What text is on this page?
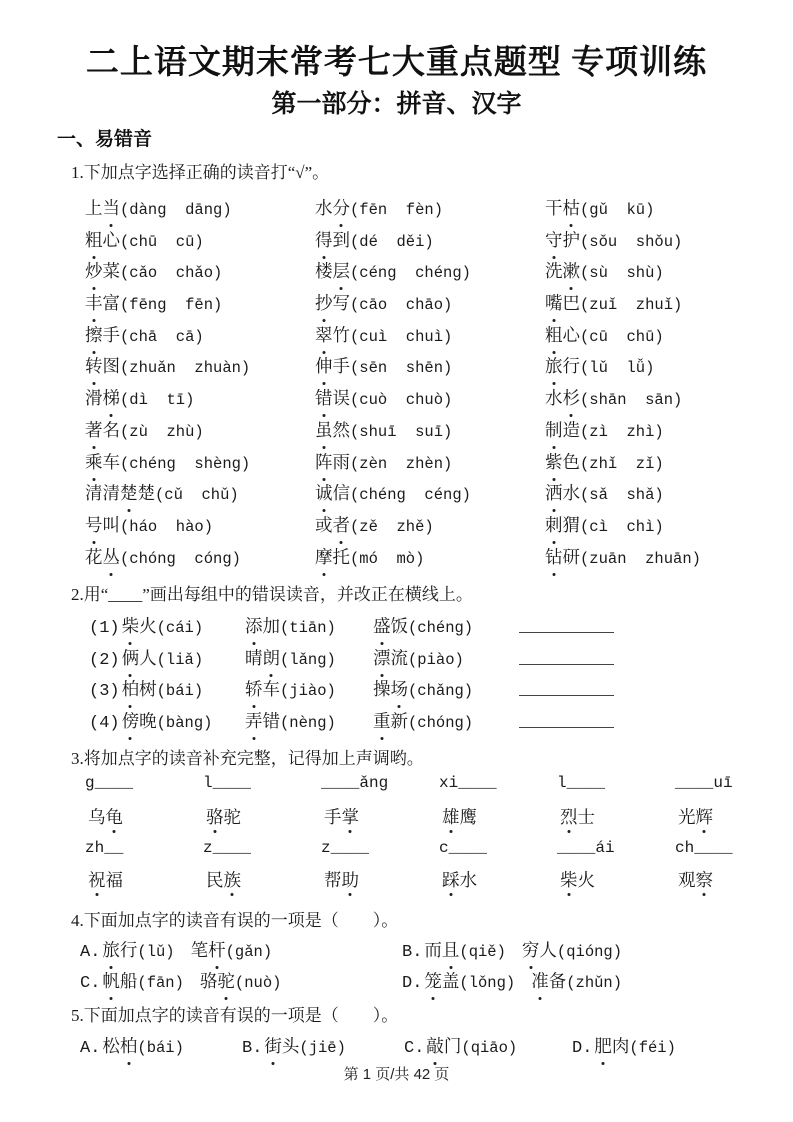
二上语文期末常考七大重点题型 专项训练
第一部分：拼音、汉字
一、易错音
1.下加点字选择正确的读音打“√”。
上当(dàng  dāng)	水分(fēn  fèn)	干枯(gǔ  kū)
粗心(chū  cū)	得到(dé  děi)	守护(sǒu  shǒu)
炒菜(cǎo  chǎo)	楼层(céng  chéng)	洗漱(sù  shù)
丰富(fēng  fēn)	抄写(cāo  chāo)	嘴巴(zuǐ  zhuǐ)
擦手(chā  cā)	翠竹(cuì  chuì)	粗心(cū  chū)
转图(zhuǎn  zhuàn)	伸手(sēn  shēn)	旅行(lǔ  lǚ)
滑梯(dì  tī)	错误(cuò  chuò)	水杉(shān  sān)
著名(zù  zhù)	虽然(shuī  suī)	制造(zì  zhì)
乘车(chéng  shèng)	阵雨(zèn  zhèn)	紫色(zhǐ  zǐ)
清清楚楚(cǔ  chǔ)	诚信(chéng  céng)	洒水(sǎ  shǎ)
号叫(háo  hào)	或者(zě  zhě)	刺猬(cì  chì)
花丛(chóng  cóng)	摩托(mó  mò)	钻研(zuān  zhuān)
2.用“____”画出每组中的错误读音，并改正在横线上。
(1) 柴火(cái)	添加(tiān)	盛饭(chéng)
(2) 俩人(liǎ)	晴朗(lǎng)	漂流(piào)
(3) 柏树(bái)	轿车(jiào)	操场(chǎng)
(4) 傍晚(bàng)	弄错(nèng)	重新(chóng)
3.将加点字的读音补充完整，记得加上声调哟。
g____	l____	____ǎng	xi____	l____	____uī
乌龟	骆驼	手掌	雄鹰	烈士	光辉
zh__	z____	z____	c____	____ái	ch____
祝福	民族	帮助	踩水	柴火	观察
4.下面加点字的读音有误的一项是（　　）。
A. 旅行(lǔ) 笔杆(gǎn)	B. 而且(qiě) 穷人(qióng)
C. 帆船(fān) 骆驼(nuò)	D. 笼盖(lǒng) 准备(zhǔn)
5.下面加点字的读音有误的一项是（　　）。
A. 松柏(bái)	B. 街头(jiē)	C. 敲门(qiāo)	D. 肥肉(féi)
第 1 页/共 42 页
